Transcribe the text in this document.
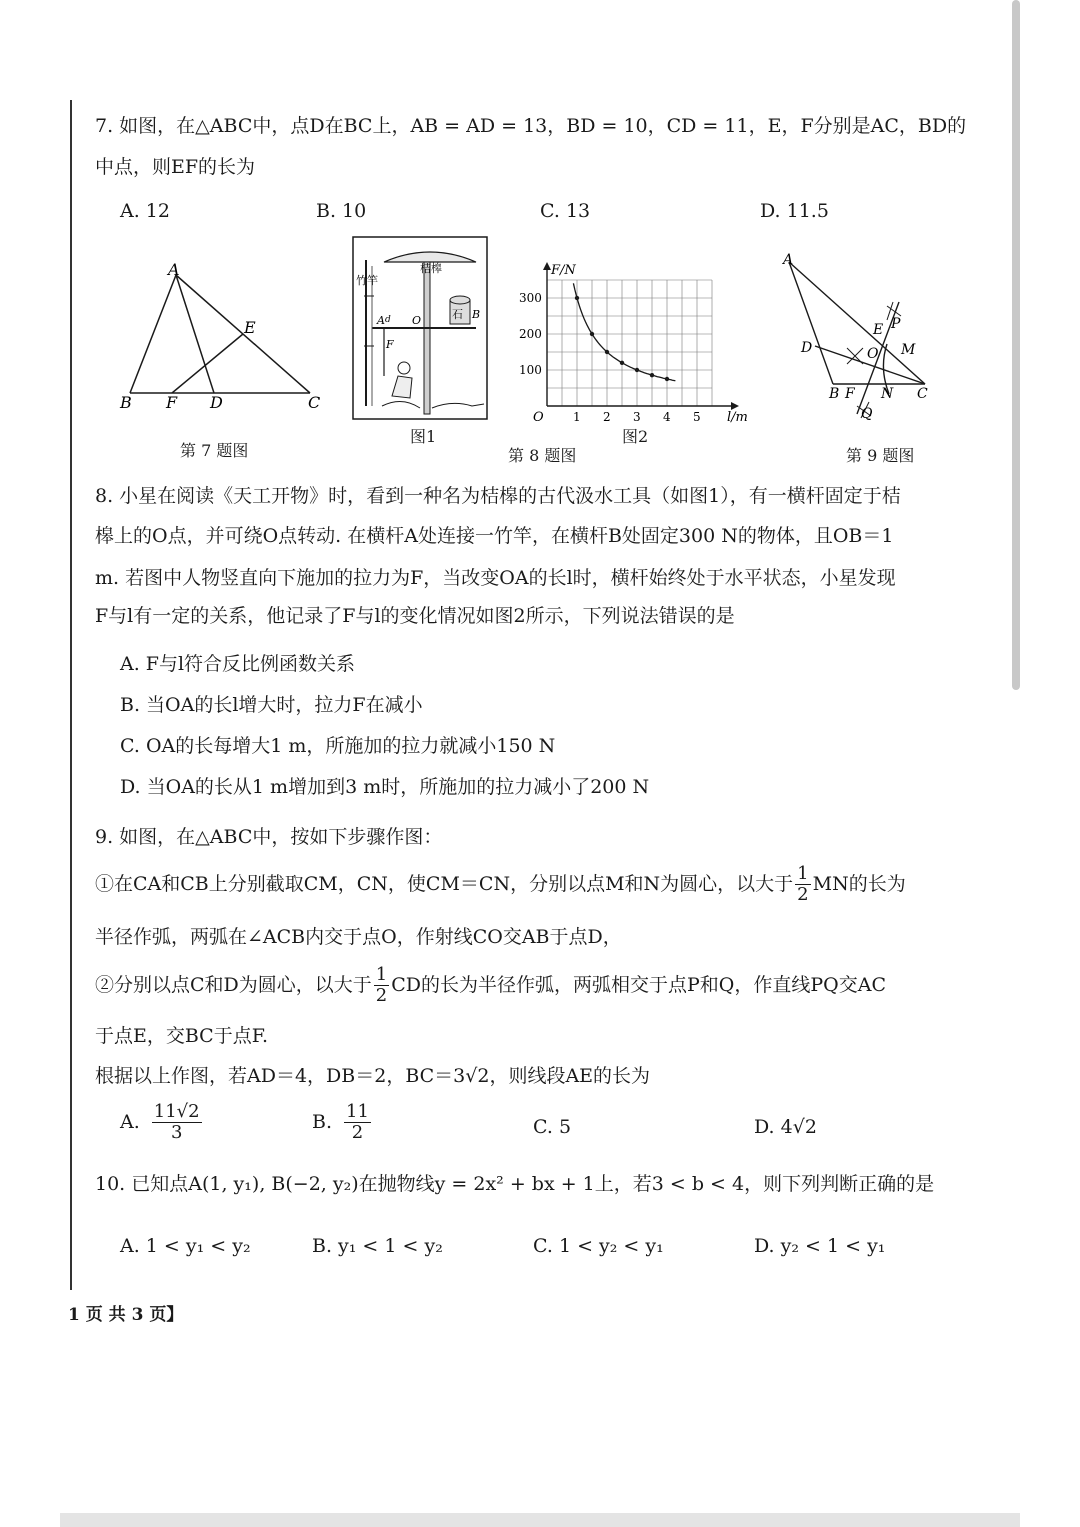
7. 如图，在△ABC中，点D在BC上，AB = AD = 13，BD = 10，CD = 11，E，F分别是AC，BD的
中点，则EF的长为
A. 12	B. 10	C. 13	D. 11.5
A
B	C
D
E
F
第 7 题图
桔槔
竹竿
石
A O	B
F
d
图1
1 2 3 4 5
100
200
300
O	l/m
F/N
图2
第 8 题图
A
B	C
D
E
F
M
N
O
P
Q
第 9 题图
8. 小星在阅读《天工开物》时，看到一种名为桔槔的古代汲水工具（如图1），有一横杆固定于桔
槔上的O点，并可绕O点转动. 在横杆A处连接一竹竿，在横杆B处固定300 N的物体，且OB＝1
m. 若图中人物竖直向下施加的拉力为F，当改变OA的长l时，横杆始终处于水平状态，小星发现
F与l有一定的关系，他记录了F与l的变化情况如图2所示，下列说法错误的是
A. F与l符合反比例函数关系
B. 当OA的长l增大时，拉力F在减小
C. OA的长每增大1 m，所施加的拉力就减小150 N
D. 当OA的长从1 m增加到3 m时，所施加的拉力减小了200 N
9. 如图，在△ABC中，按如下步骤作图：
①在CA和CB上分别截取CM，CN，使CM＝CN，分别以点M和N为圆心，以大于 $\frac{1}{2}$ MN的长为
半径作弧，两弧在∠ACB内交于点O，作射线CO交AB于点D，
②分别以点C和D为圆心，以大于 $\frac{1}{2}$ CD的长为半径作弧，两弧相交于点P和Q，作直线PQ交AC
于点E，交BC于点F.
根据以上作图，若AD＝4，DB＝2，BC＝3√2，则线段AE的长为
A. $\frac{11√2}{3}$	B. $\frac{11}{2}$	C. 5	D. 4√2
10. 已知点A(1, y₁), B(−2, y₂)在抛物线y = 2x² + bx + 1上，若3 < b < 4，则下列判断正确的是
A. 1 < y₁ < y₂	B. y₁ < 1 < y₂	C. 1 < y₂ < y₁	D. y₂ < 1 < y₁
1 页 共 3 页】
